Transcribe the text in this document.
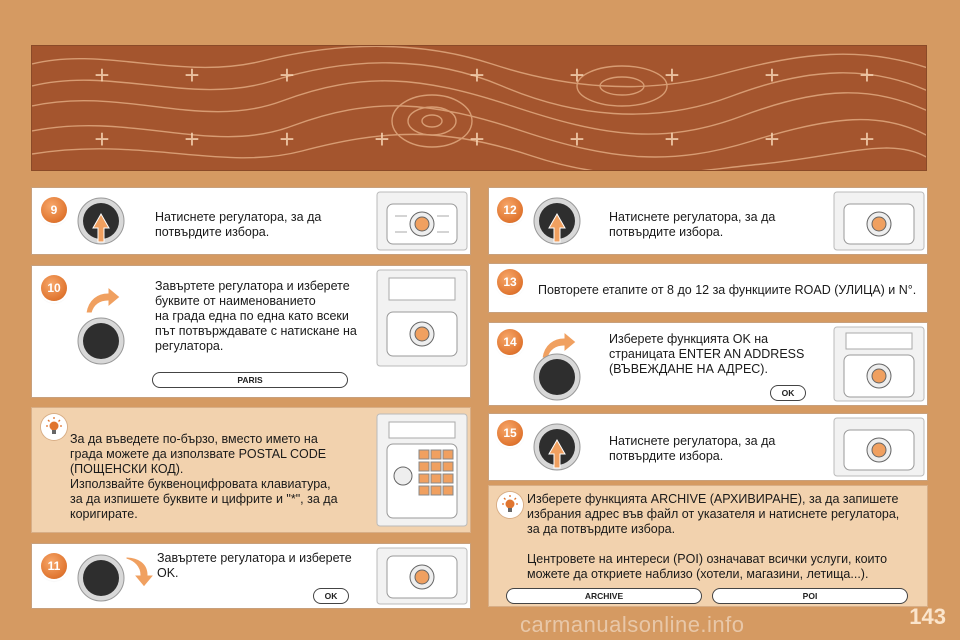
+	+	+	+	+	+	+	+
+	+	+	+	+	+	+	+	+
9	Натиснете регулатора, за да
потвърдите избора.
10	Завъртете регулатора и изберете
буквите от наименованието
на града една по една като всеки
път потвърждавате с натискане на
регулатора.
PARIS
За да въведете по-бързо, вместо името на
града можете да използвате POSTAL CODE
(ПОЩЕНСКИ КОД).
Използвайте буквеноцифровата клавиатура,
за да изпишете буквите и цифрите и "*", за да
коригирате.
11
Завъртете регулатора и изберете
OK.
OK
12	Натиснете регулатора, за да
потвърдите избора.
13
Повторете етапите от 8 до 12 за функциите ROAD (УЛИЦА) и N°.
14	Изберете функцията OK на
страницата ENTER AN ADDRESS
(ВЪВЕЖДАНЕ НА АДРЕС).
OK
15
Натиснете регулатора, за да
потвърдите избора.
Изберете функцията ARCHIVE (АРХИВИРАНЕ), за да запишете
избрания адрес във файл от указателя и натиснете регулатора,
за да потвърдите избора.

Центровете на интереси (POI) означават всички услуги, които
можете да откриете наблизо (хотели, магазини, летища...).
ARCHIVE	POI
143
carmanualsonline.info
